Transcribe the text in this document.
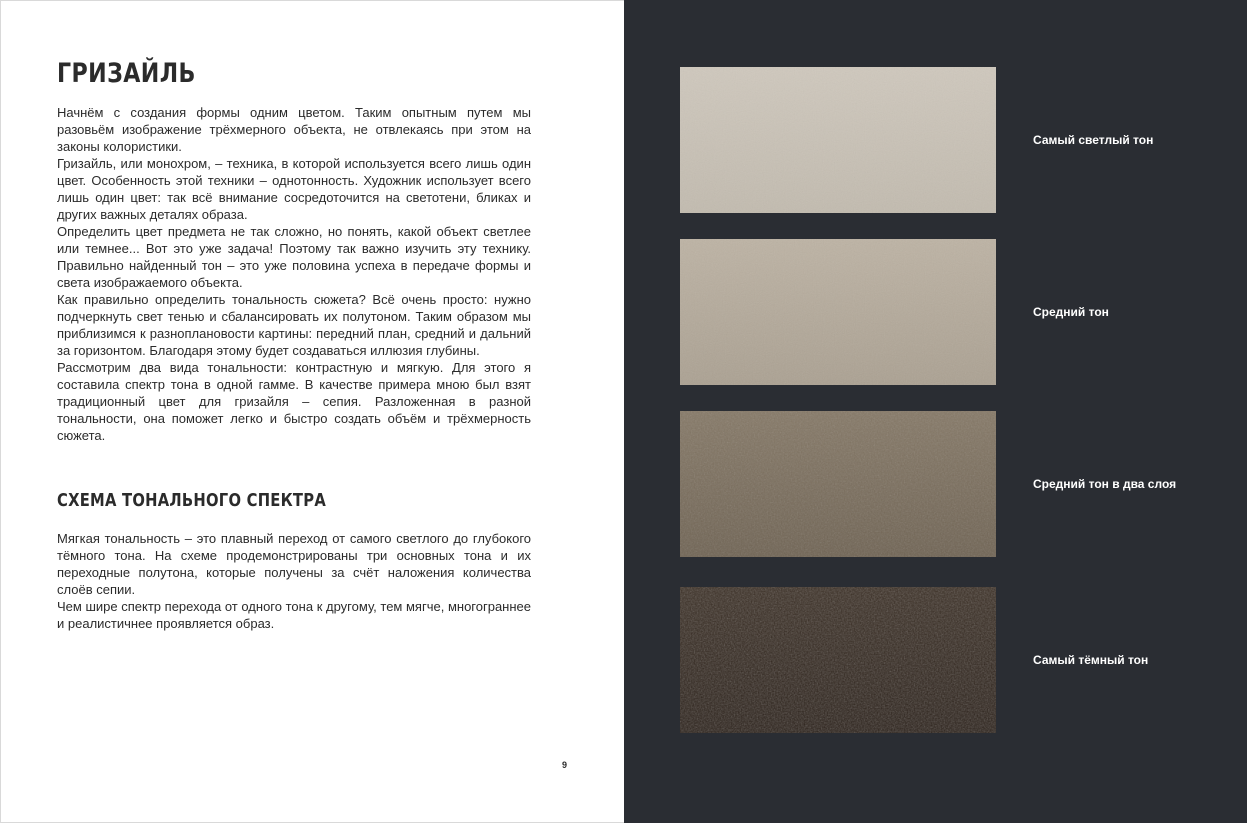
ГРИЗАЙЛЬ

Начнём с создания формы одним цветом. Таким опытным путем мы разовьём изображение трёхмерного объекта, не отвлекаясь при этом на законы колористики.

Гризайль, или монохром, – техника, в которой используется всего лишь один цвет. Особенность этой техники – однотонность. Художник использует всего лишь один цвет: так всё внимание сосредоточится на светотени, бликах и других важных деталях образа.

Определить цвет предмета не так сложно, но понять, какой объект светлее или темнее... Вот это уже задача! Поэтому так важно изучить эту технику. Правильно найденный тон – это уже половина успеха в передаче формы и света изображаемого объекта.

Как правильно определить тональность сюжета? Всё очень просто: нужно подчеркнуть свет тенью и сбалансировать их полутоном. Таким образом мы приблизимся к разноплановости картины: передний план, средний и дальний за горизонтом. Благодаря этому будет создаваться иллюзия глубины.

Рассмотрим два вида тональности: контрастную и мягкую. Для этого я составила спектр тона в одной гамме. В качестве примера мною был взят традиционный цвет для гризайля – сепия. Разложенная в разной тональности, она поможет легко и быстро создать объём и трёхмерность сюжета.

СХЕМА ТОНАЛЬНОГО СПЕКТРА

Мягкая тональность – это плавный переход от самого светлого до глубокого тёмного тона. На схеме продемонстрированы три основных тона и их переходные полутона, которые получены за счёт наложения количества слоёв сепии.

Чем шире спектр перехода от одного тона к другому, тем мягче, многограннее и реалистичнее проявляется образ.

9
Самый светлый тон
Средний тон
Средний тон в два слоя
Самый тёмный тон
